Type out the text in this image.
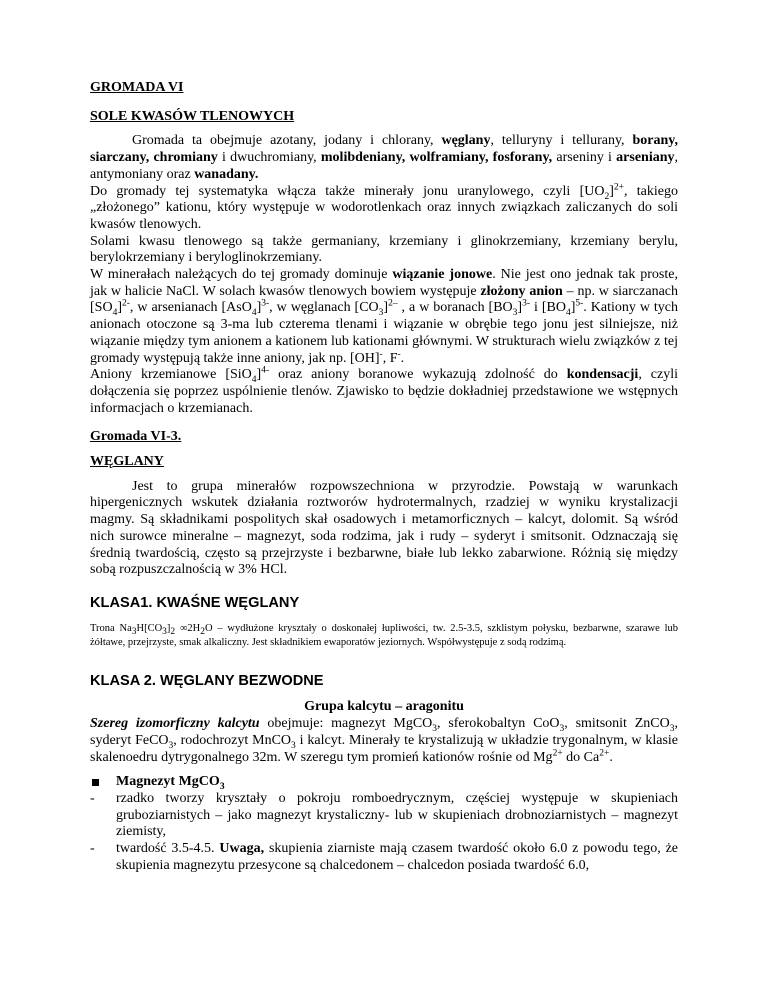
GROMADA VI
SOLE KWASÓW TLENOWYCH

Gromada ta obejmuje azotany, jodany i chlorany, węglany, telluryny i tellurany, borany, siarczany, chromiany i dwuchromiany, molibdeniany, wolframiany, fosforany, arseniny i arseniany, antymoniany oraz wanadany.

Do gromady tej systematyka włącza także minerały jonu uranylowego, czyli $[UO_2]^{2+}$, takiego „złożonego” kationu, który występuje w wodorotlenkach oraz innych związkach zaliczanych do soli kwasów tlenowych.

Solami kwasu tlenowego są także germaniany, krzemiany i glinokrzemiany, krzemiany berylu, berylokrzemiany i beryloglinokrzemiany.

W minerałach należących do tej gromady dominuje wiązanie jonowe. Nie jest ono jednak tak proste, jak w halicie NaCl. W solach kwasów tlenowych bowiem występuje złożony anion – np. w siarczanach $[SO_4]^{2-}$, w arsenianach $[AsO_4]^{3-}$, w węglanach $[CO_3]^{2-}$ , a w boranach $[BO_3]^{3-}$ i $[BO_4]^{5-}$. Kationy w tych anionach otoczone są 3-ma lub czterema tlenami i wiązanie w obrębie tego jonu jest silniejsze, niż wiązanie między tym anionem a kationem lub kationami głównymi. W strukturach wielu związków z tej gromady występują także inne aniony, jak np. [OH]-, F-.

Aniony krzemianowe $[SiO_4]^{4-}$ oraz aniony boranowe wykazują zdolność do kondensacji, czyli dołączenia się poprzez uspólnienie tlenów. Zjawisko to będzie dokładniej przedstawione we wstępnych informacjach o krzemianach.

Gromada VI-3.
WĘGLANY

Jest to grupa minerałów rozpowszechniona w przyrodzie. Powstają w warunkach hipergenicznych wskutek działania roztworów hydrotermalnych, rzadziej w wyniku krystalizacji magmy. Są składnikami pospolitych skał osadowych i metamorficznych – kalcyt, dolomit. Są wśród nich surowce mineralne – magnezyt, soda rodzima, jak i rudy – syderyt i smitsonit. Odznaczają się średnią twardością, często są przejrzyste i bezbarwne, białe lub lekko zabarwione. Różnią się między sobą rozpuszczalnością w 3% HCl.

KLASA1. KWAŚNE WĘGLANY

Trona $Na_3H[CO_3]_2$ $\infty 2H_2O$ – wydłużone kryształy o doskonałej łupliwości, tw. 2.5-3.5, szklistym połysku, bezbarwne, szarawe lub żółtawe, przejrzyste, smak alkaliczny. Jest składnikiem ewaporatów jeziornych. Współwystępuje z sodą rodzimą.

KLASA 2. WĘGLANY BEZWODNE
Grupa kalcytu – aragonitu

Szereg izomorficzny kalcytu obejmuje: magnezyt MgCO$_3$, sferokobaltyn CoO$_3$, smitsonit ZnCO$_3$, syderyt FeCO$_3$, rodochrozyt MnCO$_3$ i kalcyt. Minerały te krystalizują w układzie trygonalnym, w klasie skalenoedru dytrygonalnego 32m. W szeregu tym promień kationów rośnie od $Mg^{2+}$ do $Ca^{2+}$.

Magnezyt MgCO$_3$
- rzadko tworzy kryształy o pokroju romboedrycznym, częściej występuje w skupieniach gruboziarnistych – jako magnezyt krystaliczny- lub w skupieniach drobnoziarnistych – magnezyt ziemisty,
- twardość 3.5-4.5. Uwaga, skupienia ziarniste mają czasem twardość około 6.0 z powodu tego, że skupienia magnezytu przesycone są chalcedonem – chalcedon posiada twardość 6.0,
